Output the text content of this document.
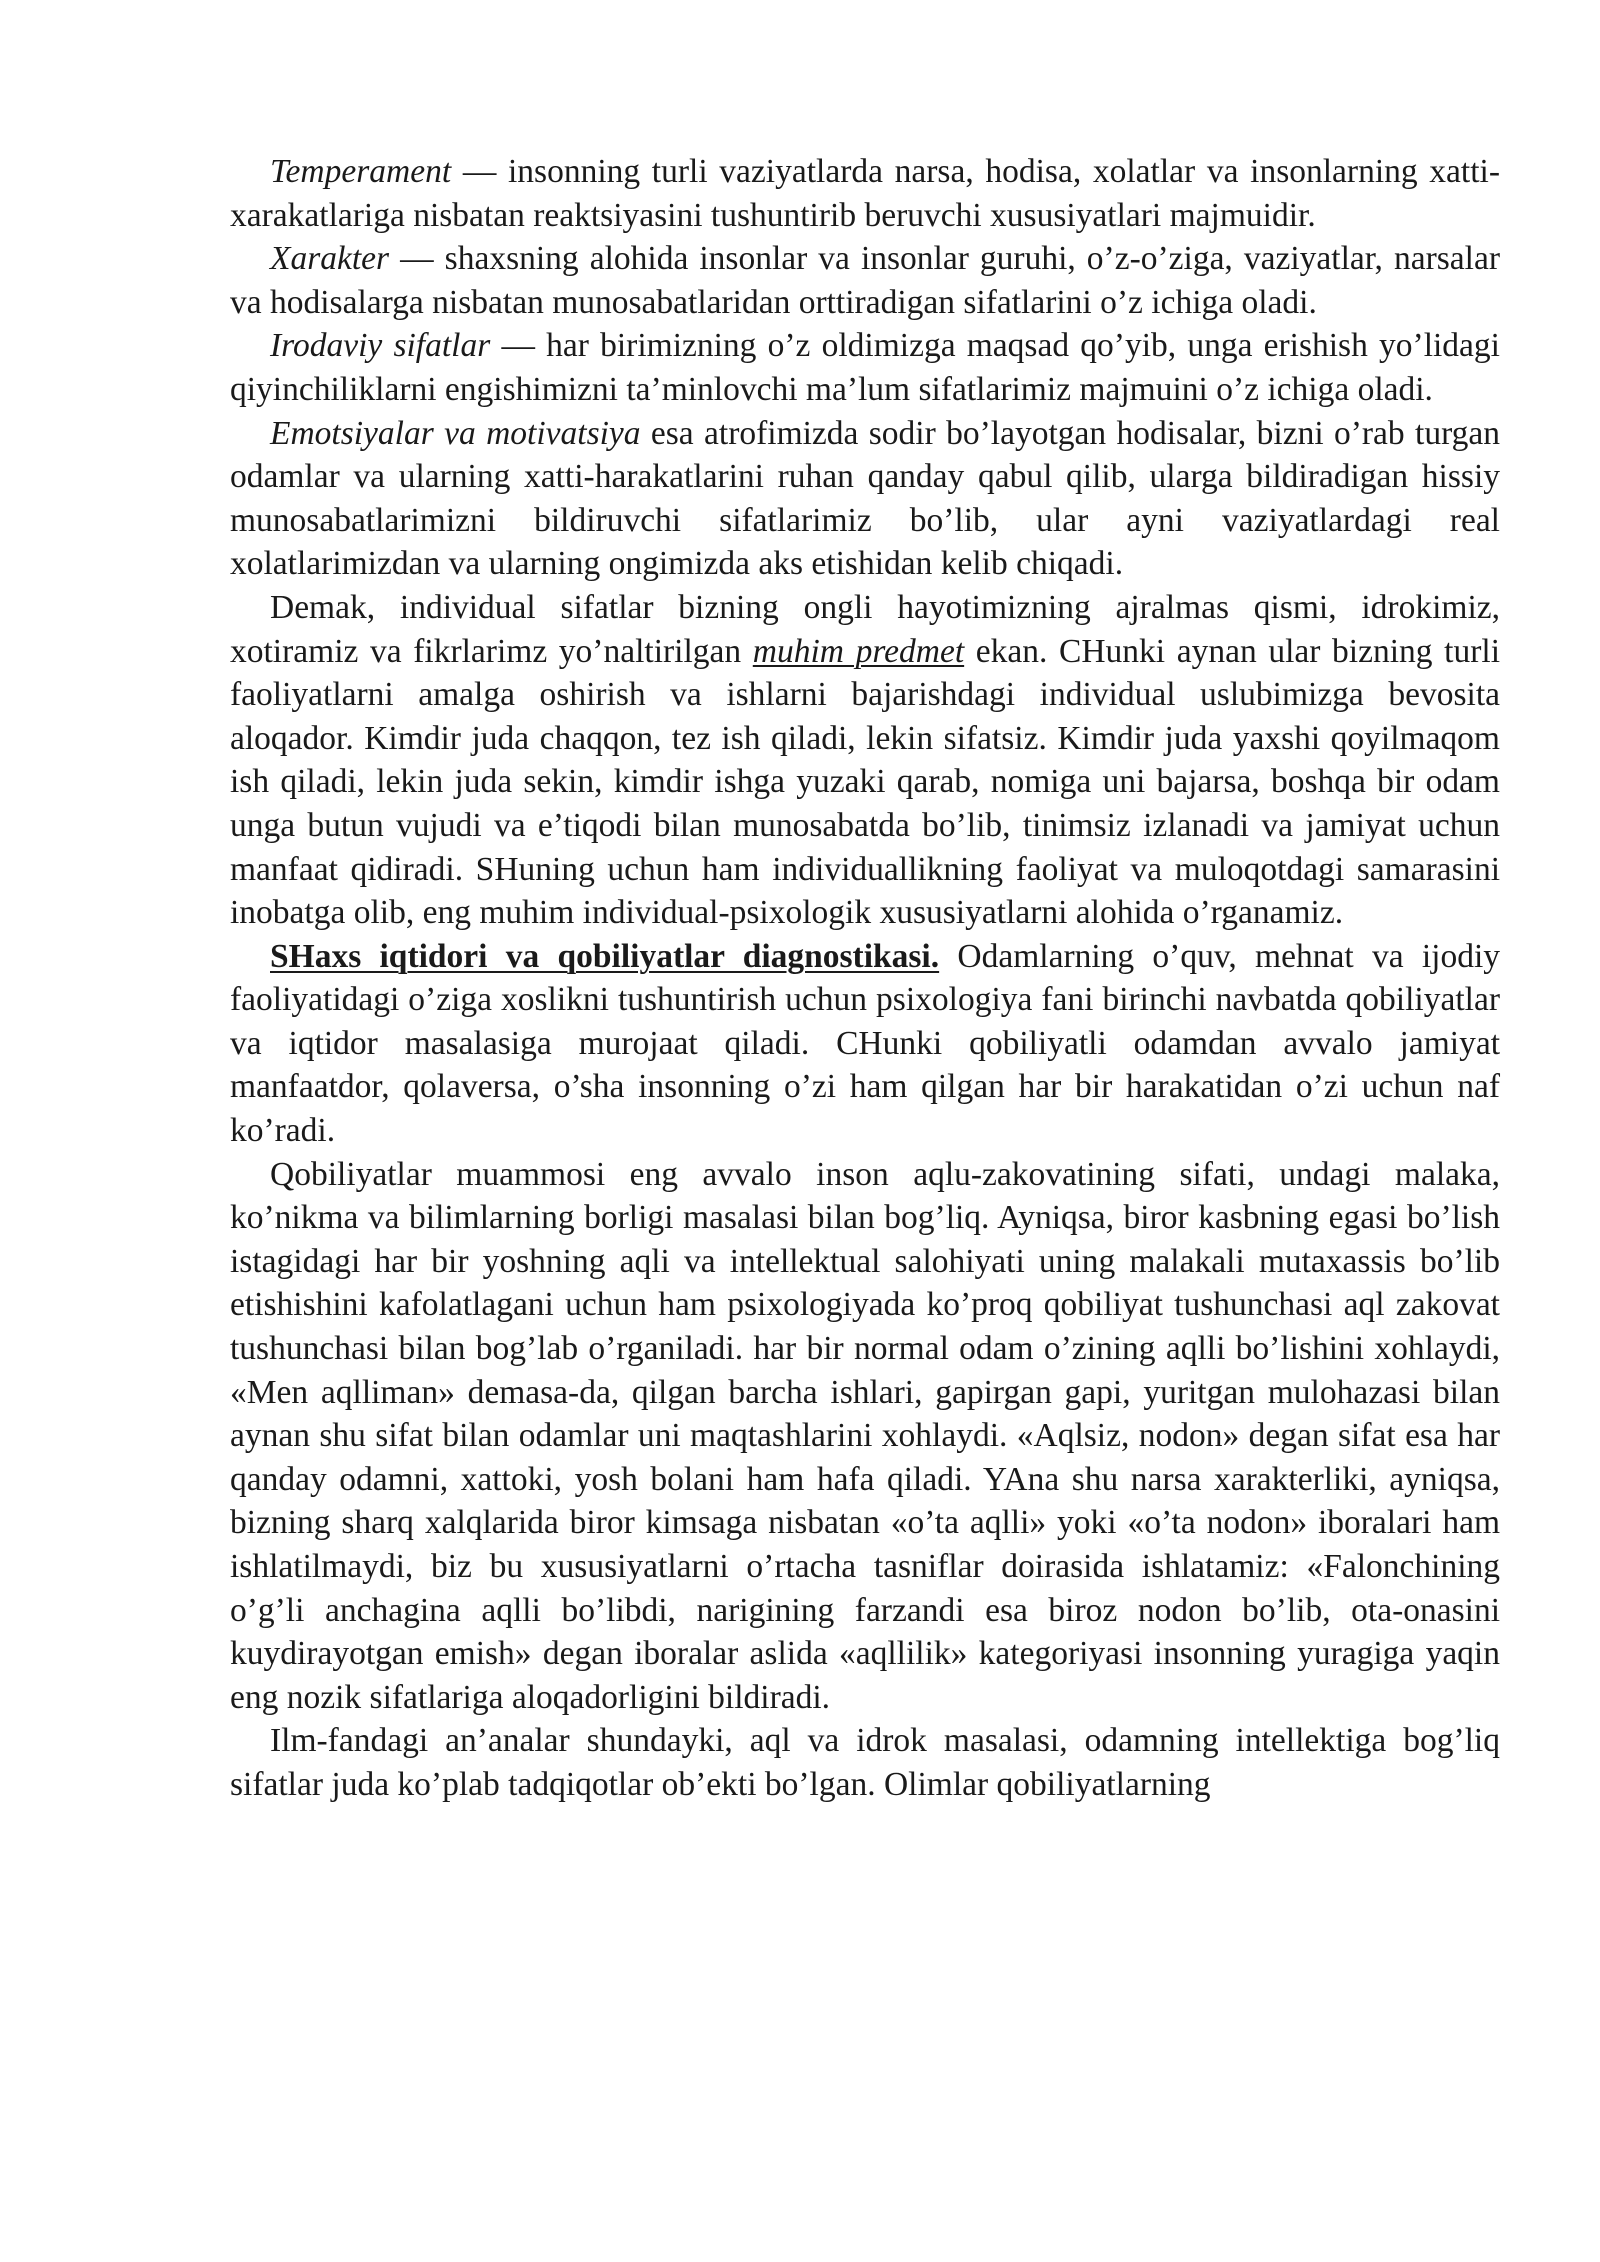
Temperament — insonning turli vaziyatlarda narsa, hodisa, xolatlar va insonlarning xatti-xarakatlariga nisbatan reaktsiyasini tushuntirib beruvchi xususiyatlari majmuidir.

Xarakter — shaxsning alohida insonlar va insonlar guruhi, o’z-o’ziga, vaziyatlar, narsalar va hodisalarga nisbatan munosabatlaridan orttiradigan sifatlarini o’z ichiga oladi.

Irodaviy sifatlar — har birimizning o’z oldimizga maqsad qo’yib, unga erishish yo’lidagi qiyinchiliklarni engishimizni ta’minlovchi ma’lum sifatlarimiz majmuini o’z ichiga oladi.

Emotsiyalar va motivatsiya esa atrofimizda sodir bo’layotgan hodisalar, bizni o’rab turgan odamlar va ularning xatti-harakatlarini ruhan qanday qabul qilib, ularga bildiradigan hissiy munosabatlarimizni bildiruvchi sifatlarimiz bo’lib, ular ayni vaziyatlardagi real xolatlarimizdan va ularning ongimizda aks etishidan kelib chiqadi.

Demak, individual sifatlar bizning ongli hayotimizning ajralmas qismi, idrokimiz, xotiramiz va fikrlarimz yo’naltirilgan muhim predmet ekan. CHunki aynan ular bizning turli faoliyatlarni amalga oshirish va ishlarni bajarishdagi individual uslubimizga bevosita aloqador. Kimdir juda chaqqon, tez ish qiladi, lekin sifatsiz. Kimdir juda yaxshi qoyilmaqom ish qiladi, lekin juda sekin, kimdir ishga yuzaki qarab, nomiga uni bajarsa, boshqa bir odam unga butun vujudi va e’tiqodi bilan munosabatda bo’lib, tinimsiz izlanadi va jamiyat uchun manfaat qidiradi. SHuning uchun ham individuallikning faoliyat va muloqotdagi samarasini inobatga olib, eng muhim individual-psixologik xususiyatlarni alohida o’rganamiz.

SHaxs iqtidori va qobiliyatlar diagnostikasi. Odamlarning o’quv, mehnat va ijodiy faoliyatidagi o’ziga xoslikni tushuntirish uchun psixologiya fani birinchi navbatda qobiliyatlar va iqtidor masalasiga murojaat qiladi. CHunki qobiliyatli odamdan avvalo jamiyat manfaatdor, qolaversa, o’sha insonning o’zi ham qilgan har bir harakatidan o’zi uchun naf ko’radi.

Qobiliyatlar muammosi eng avvalo inson aqlu-zakovatining sifati, undagi malaka, ko’nikma va bilimlarning borligi masalasi bilan bog’liq. Ayniqsa, biror kasbning egasi bo’lish istagidagi har bir yoshning aqli va intellektual salohiyati uning malakali mutaxassis bo’lib etishishini kafolatlagani uchun ham psixologiyada ko’proq qobiliyat tushunchasi aql zakovat tushunchasi bilan bog’lab o’rganiladi. har bir normal odam o’zining aqlli bo’lishini xohlaydi, «Men aqlliman» demasa-da, qilgan barcha ishlari, gapirgan gapi, yuritgan mulohazasi bilan aynan shu sifat bilan odamlar uni maqtashlarini xohlaydi. «Aqlsiz, nodon» degan sifat esa har qanday odamni, xattoki, yosh bolani ham hafa qiladi. YAna shu narsa xarakterliki, ayniqsa, bizning sharq xalqlarida biror kimsaga nisbatan «o’ta aqlli» yoki «o’ta nodon» iboralari ham ishlatilmaydi, biz bu xususiyatlarni o’rtacha tasniflar doirasida ishlatamiz: «Falonchining o’g’li anchagina aqlli bo’libdi, narigining farzandi esa biroz nodon bo’lib, ota-onasini kuydirayotgan emish» degan iboralar aslida «aqllilik» kategoriyasi insonning yuragiga yaqin eng nozik sifatlariga aloqadorligini bildiradi.

Ilm-fandagi an’analar shundayki, aql va idrok masalasi, odamning intellektiga bog’liq sifatlar juda ko’plab tadqiqotlar ob’ekti bo’lgan. Olimlar qobiliyatlarning
